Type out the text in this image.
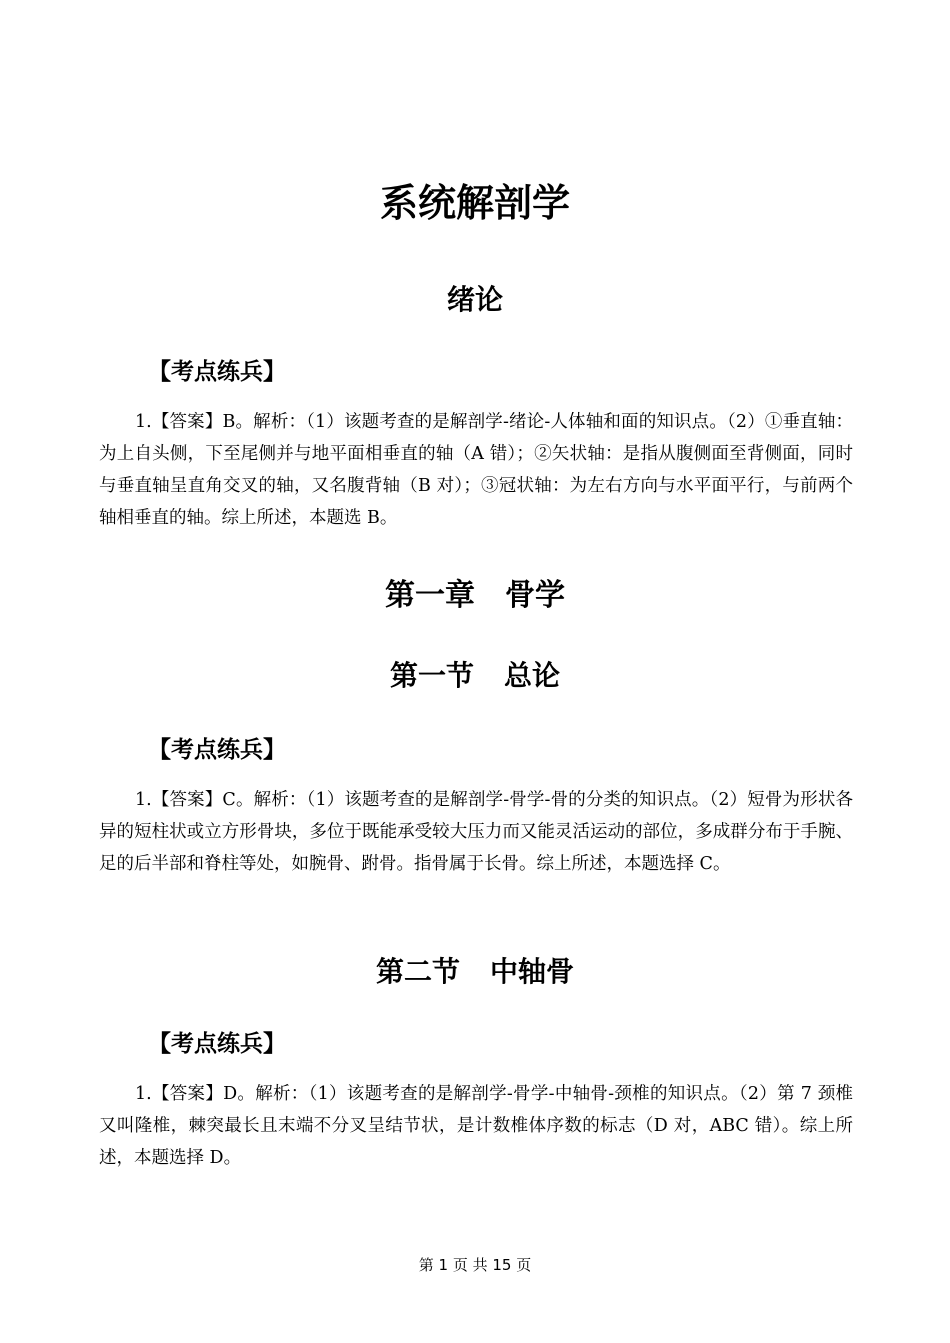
系统解剖学
绪论
【考点练兵】
1.【答案】B。解析：（1）该题考查的是解剖学-绪论-人体轴和面的知识点。（2）①垂直轴：为上自头侧，下至尾侧并与地平面相垂直的轴（A 错）；②矢状轴：是指从腹侧面至背侧面，同时与垂直轴呈直角交叉的轴，又名腹背轴（B 对）；③冠状轴：为左右方向与水平面平行，与前两个轴相垂直的轴。综上所述，本题选 B。
第一章 骨学
第一节 总论
【考点练兵】
1.【答案】C。解析：（1）该题考查的是解剖学-骨学-骨的分类的知识点。（2）短骨为形状各异的短柱状或立方形骨块，多位于既能承受较大压力而又能灵活运动的部位，多成群分布于手腕、足的后半部和脊柱等处，如腕骨、跗骨。指骨属于长骨。综上所述，本题选择 C。
第二节 中轴骨
【考点练兵】
1.【答案】D。解析：（1）该题考查的是解剖学-骨学-中轴骨-颈椎的知识点。（2）第 7 颈椎又叫隆椎，棘突最长且末端不分叉呈结节状，是计数椎体序数的标志（D 对，ABC 错）。综上所述，本题选择 D。
第 1 页 共 15 页
